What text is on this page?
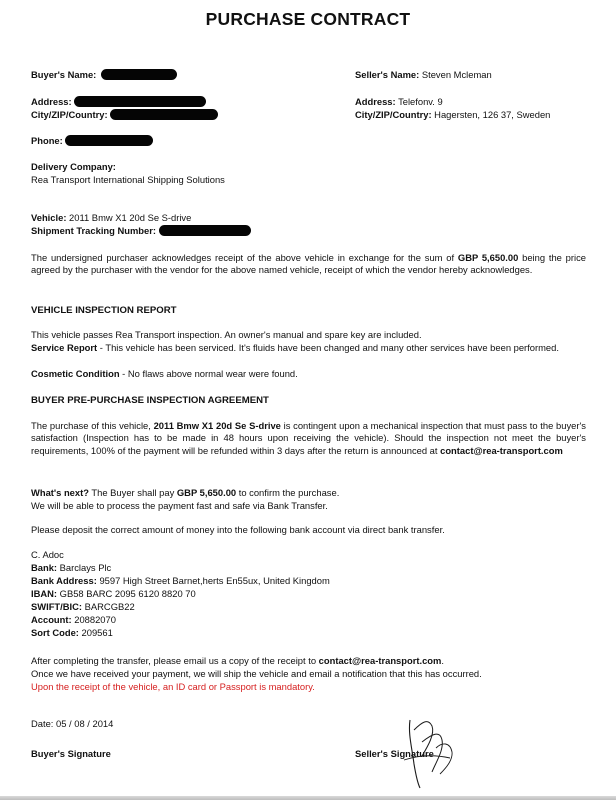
PURCHASE CONTRACT
Buyer's Name:
Address:
City/ZIP/Country:
Phone:
Seller's Name: Steven Mcleman
Address: Telefonv. 9
City/ZIP/Country: Hagersten, 126 37, Sweden
Delivery Company:
Rea Transport International Shipping Solutions
Vehicle: 2011 Bmw X1 20d Se S-drive
Shipment Tracking Number:
The undersigned purchaser acknowledges receipt of the above vehicle in exchange for the sum of GBP 5,650.00 being the price agreed by the purchaser with the vendor for the above named vehicle, receipt of which the vendor hereby acknowledges.
VEHICLE INSPECTION REPORT
This vehicle passes Rea Transport inspection. An owner's manual and spare key are included.
Service Report - This vehicle has been serviced. It's fluids have been changed and many other services have been performed.
Cosmetic Condition - No flaws above normal wear were found.
BUYER PRE-PURCHASE INSPECTION AGREEMENT
The purchase of this vehicle, 2011 Bmw X1 20d Se S-drive is contingent upon a mechanical inspection that must pass to the buyer's satisfaction (Inspection has to be made in 48 hours upon receiving the vehicle). Should the inspection not meet the buyer's requirements, 100% of the payment will be refunded within 3 days after the return is announced at contact@rea-transport.com
What's next? The Buyer shall pay GBP 5,650.00 to confirm the purchase.
We will be able to process the payment fast and safe via Bank Transfer.
Please deposit the correct amount of money into the following bank account via direct bank transfer.
C. Adoc
Bank: Barclays Plc
Bank Address: 9597 High Street Barnet,herts En55ux, United Kingdom
IBAN: GB58 BARC 2095 6120 8820 70
SWIFT/BIC: BARCGB22
Account: 20882070
Sort Code: 209561
After completing the transfer, please email us a copy of the receipt to contact@rea-transport.com.
Once we have received your payment, we will ship the vehicle and email a notification that this has occurred.
Upon the receipt of the vehicle, an ID card or Passport is mandatory.
Date: 05 / 08 / 2014
Buyer's Signature	Seller's Signature
